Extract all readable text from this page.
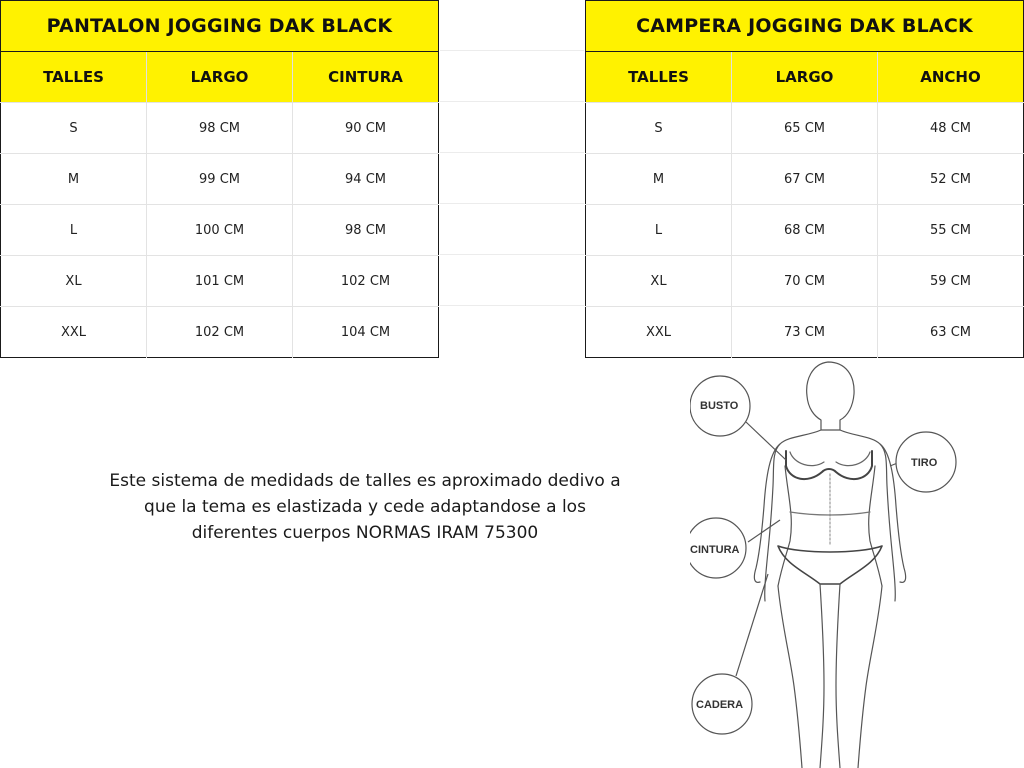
PANTALON JOGGING DAK BLACK		
TALLES	LARGO	CINTURA
S	98 CM	90 CM
M	99 CM	94 CM
L	100 CM	98 CM
XL	101 CM	102 CM
XXL	102 CM	104 CM
CAMPERA JOGGING DAK BLACK		
TALLES	LARGO	ANCHO
S	65 CM	48 CM
M	67 CM	52 CM
L	68 CM	55 CM
XL	70 CM	59 CM
XXL	73 CM	63 CM
Este sistema de medidads de talles es aproximado dedivo a
que la tema es elastizada y cede adaptandose a los
diferentes cuerpos NORMAS IRAM 75300
BUSTO
TIRO
CINTURA
CADERA
